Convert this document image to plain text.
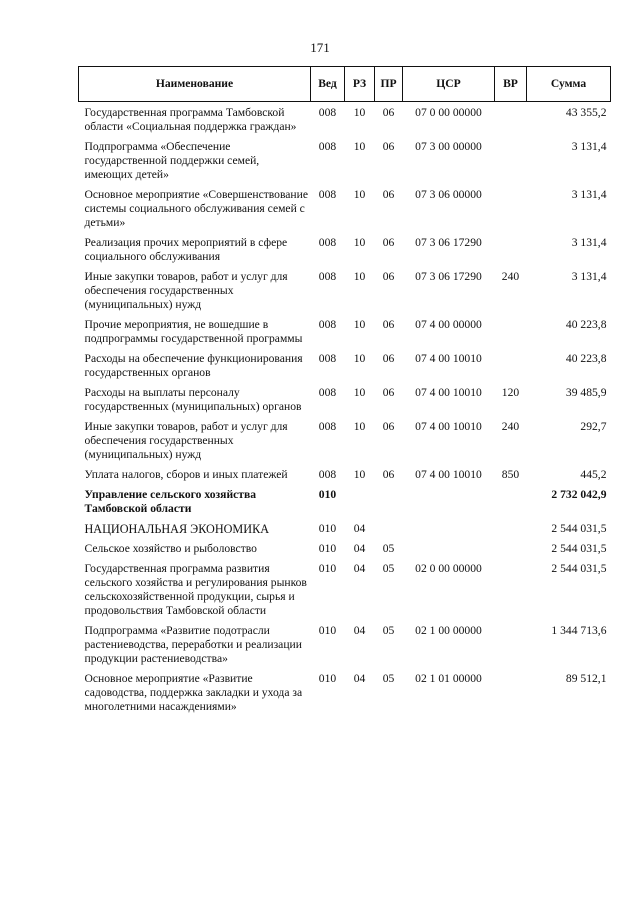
171
Наименование	Вед	РЗ	ПР	ЦСР	ВР	Сумма
Государственная программа Тамбовской области «Социальная поддержка граждан»	008	10	06	07 0 00 00000		43 355,2
Подпрограмма «Обеспечение государственной поддержки семей, имеющих детей»	008	10	06	07 3 00 00000		3 131,4
Основное мероприятие «Совершенствование системы социального обслуживания семей с детьми»	008	10	06	07 3 06 00000		3 131,4
Реализация прочих мероприятий в сфере социального обслуживания	008	10	06	07 3 06 17290		3 131,4
Иные закупки товаров, работ и услуг для обеспечения государственных (муниципальных) нужд	008	10	06	07 3 06 17290	240	3 131,4
Прочие мероприятия, не вошедшие в подпрограммы государственной программы	008	10	06	07 4 00 00000		40 223,8
Расходы на обеспечение функционирования государственных органов	008	10	06	07 4 00 10010		40 223,8
Расходы на выплаты персоналу государственных (муниципальных) органов	008	10	06	07 4 00 10010	120	39 485,9
Иные закупки товаров, работ и услуг для обеспечения государственных (муниципальных) нужд	008	10	06	07 4 00 10010	240	292,7
Уплата налогов, сборов и иных платежей	008	10	06	07 4 00 10010	850	445,2
Управление сельского хозяйства Тамбовской области	010					2 732 042,9
НАЦИОНАЛЬНАЯ ЭКОНОМИКА	010	04				2 544 031,5
Сельское хозяйство и рыболовство	010	04	05			2 544 031,5
Государственная программа развития сельского хозяйства и регулирования рынков сельскохозяйственной продукции, сырья и продовольствия Тамбовской области	010	04	05	02 0 00 00000		2 544 031,5
Подпрограмма «Развитие подотрасли растениеводства, переработки и реализации продукции растениеводства»	010	04	05	02 1 00 00000		1 344 713,6
Основное мероприятие «Развитие садоводства, поддержка закладки и ухода за многолетними насаждениями»	010	04	05	02 1 01 00000		89 512,1
